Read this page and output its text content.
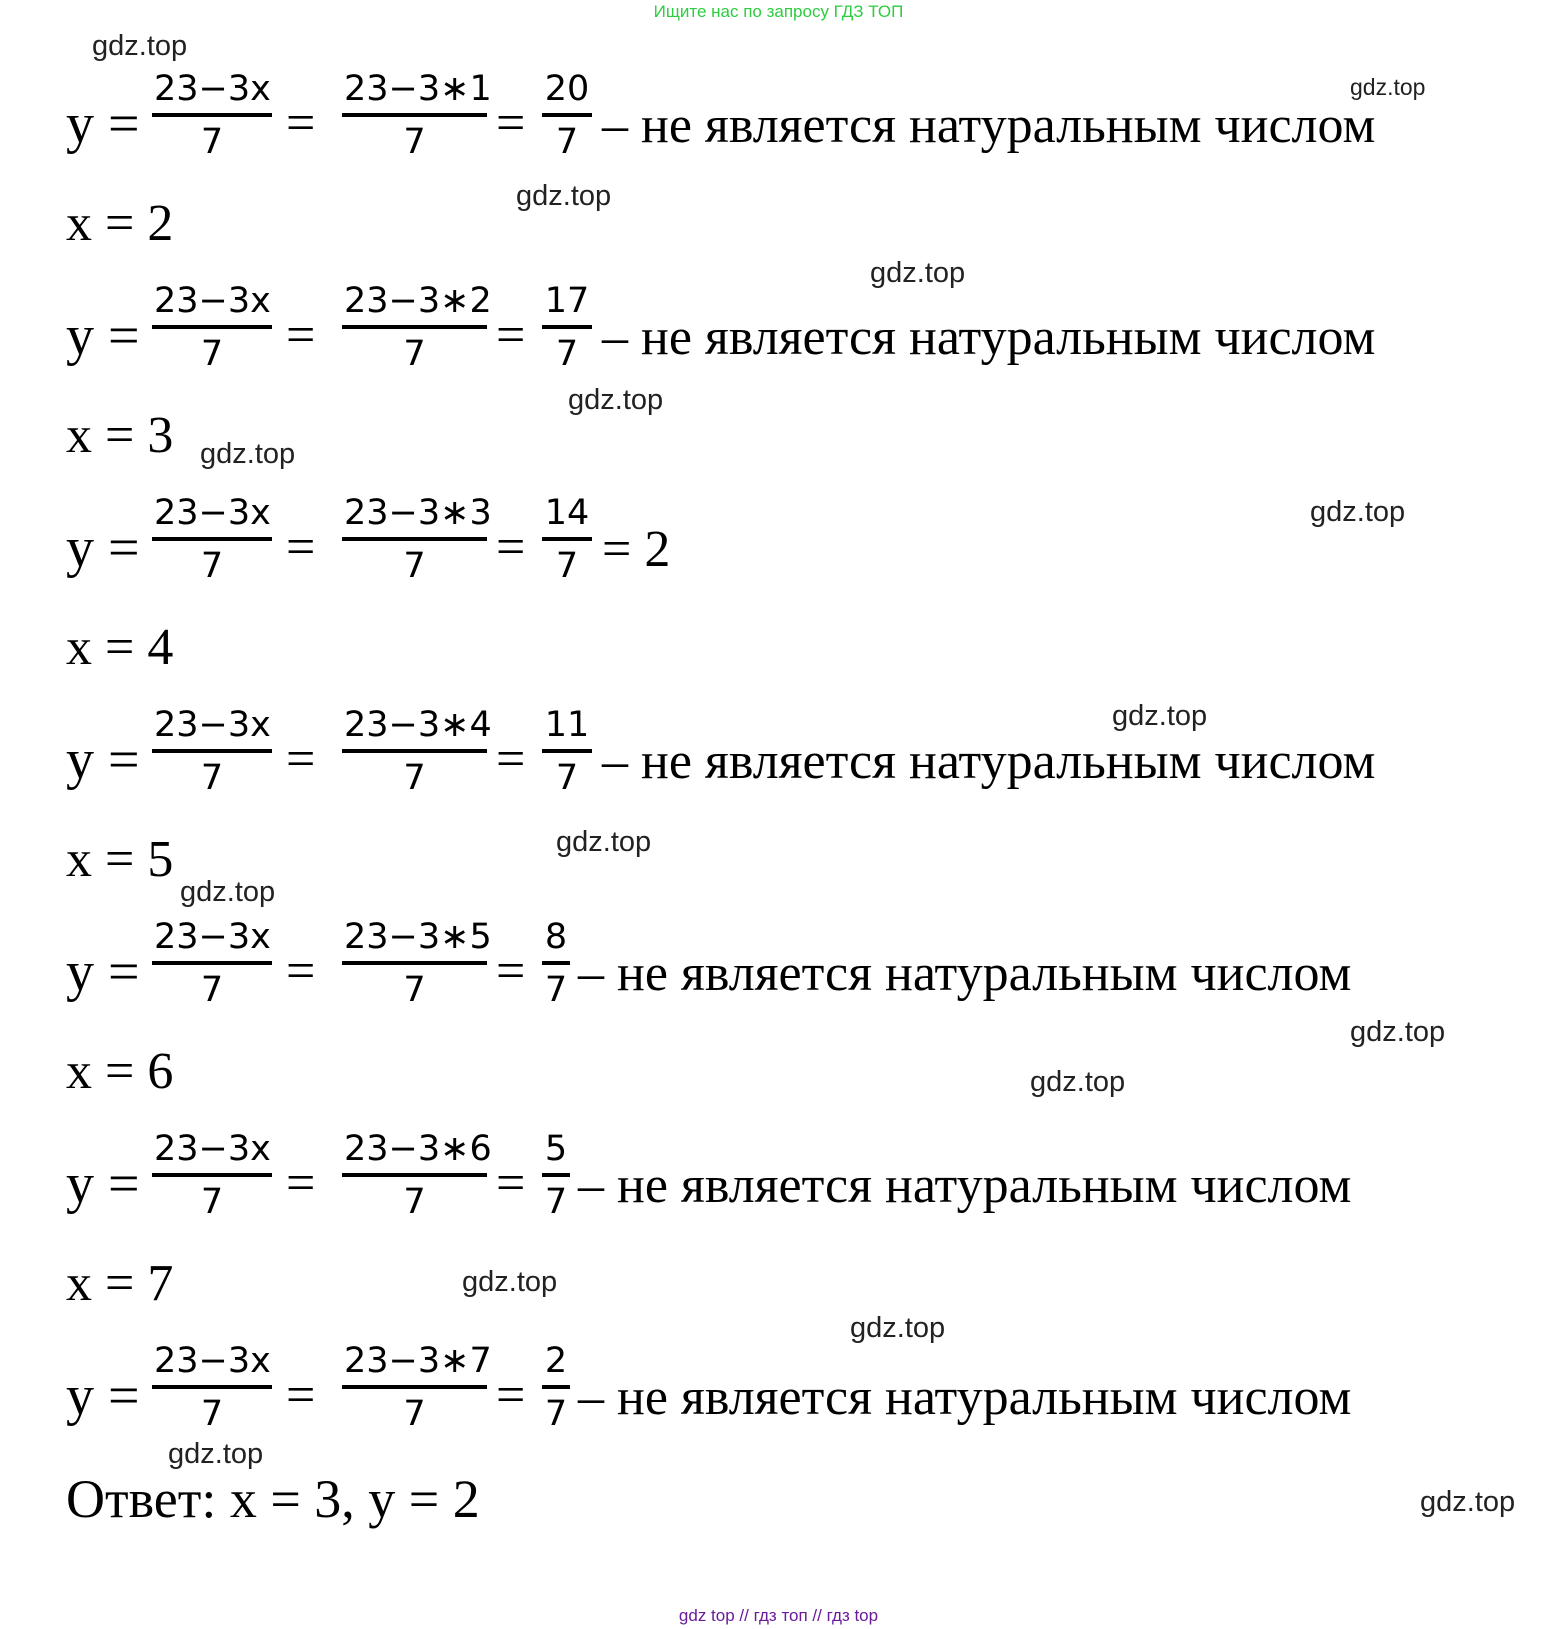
Ищите нас по запросу ГДЗ ТОП
y =
23−3x
7	=
23−3∗1
7	=
20
7 – не является натуральным числом
x = 2
y =
23−3x
7	=
23−3∗2
7	=
17
7 – не является натуральным числом
x = 3
y =
23−3x
7	=
23−3∗3
7	=
14
7 = 2
x = 4
y =
23−3x
7	=
23−3∗4
7	=
11
7 – не является натуральным числом
x = 5
y =
23−3x
7	=
23−3∗5
7	=
8
7 – не является натуральным числом
x = 6
y =
23−3x
7	=
23−3∗6
7	=
5
7 – не является натуральным числом
x = 7
y =
23−3x
7	=
23−3∗7
7	=
2
7 – не является натуральным числом
Ответ: x = 3, y = 2
gdz.top
gdz.top
gdz.top
gdz.top
gdz.top
gdz.top
gdz.top
gdz.top
gdz.top
gdz.top
gdz.top
gdz.top
gdz.top
gdz.top
gdz.top
gdz.top
gdz top // гдз топ // гдз top
